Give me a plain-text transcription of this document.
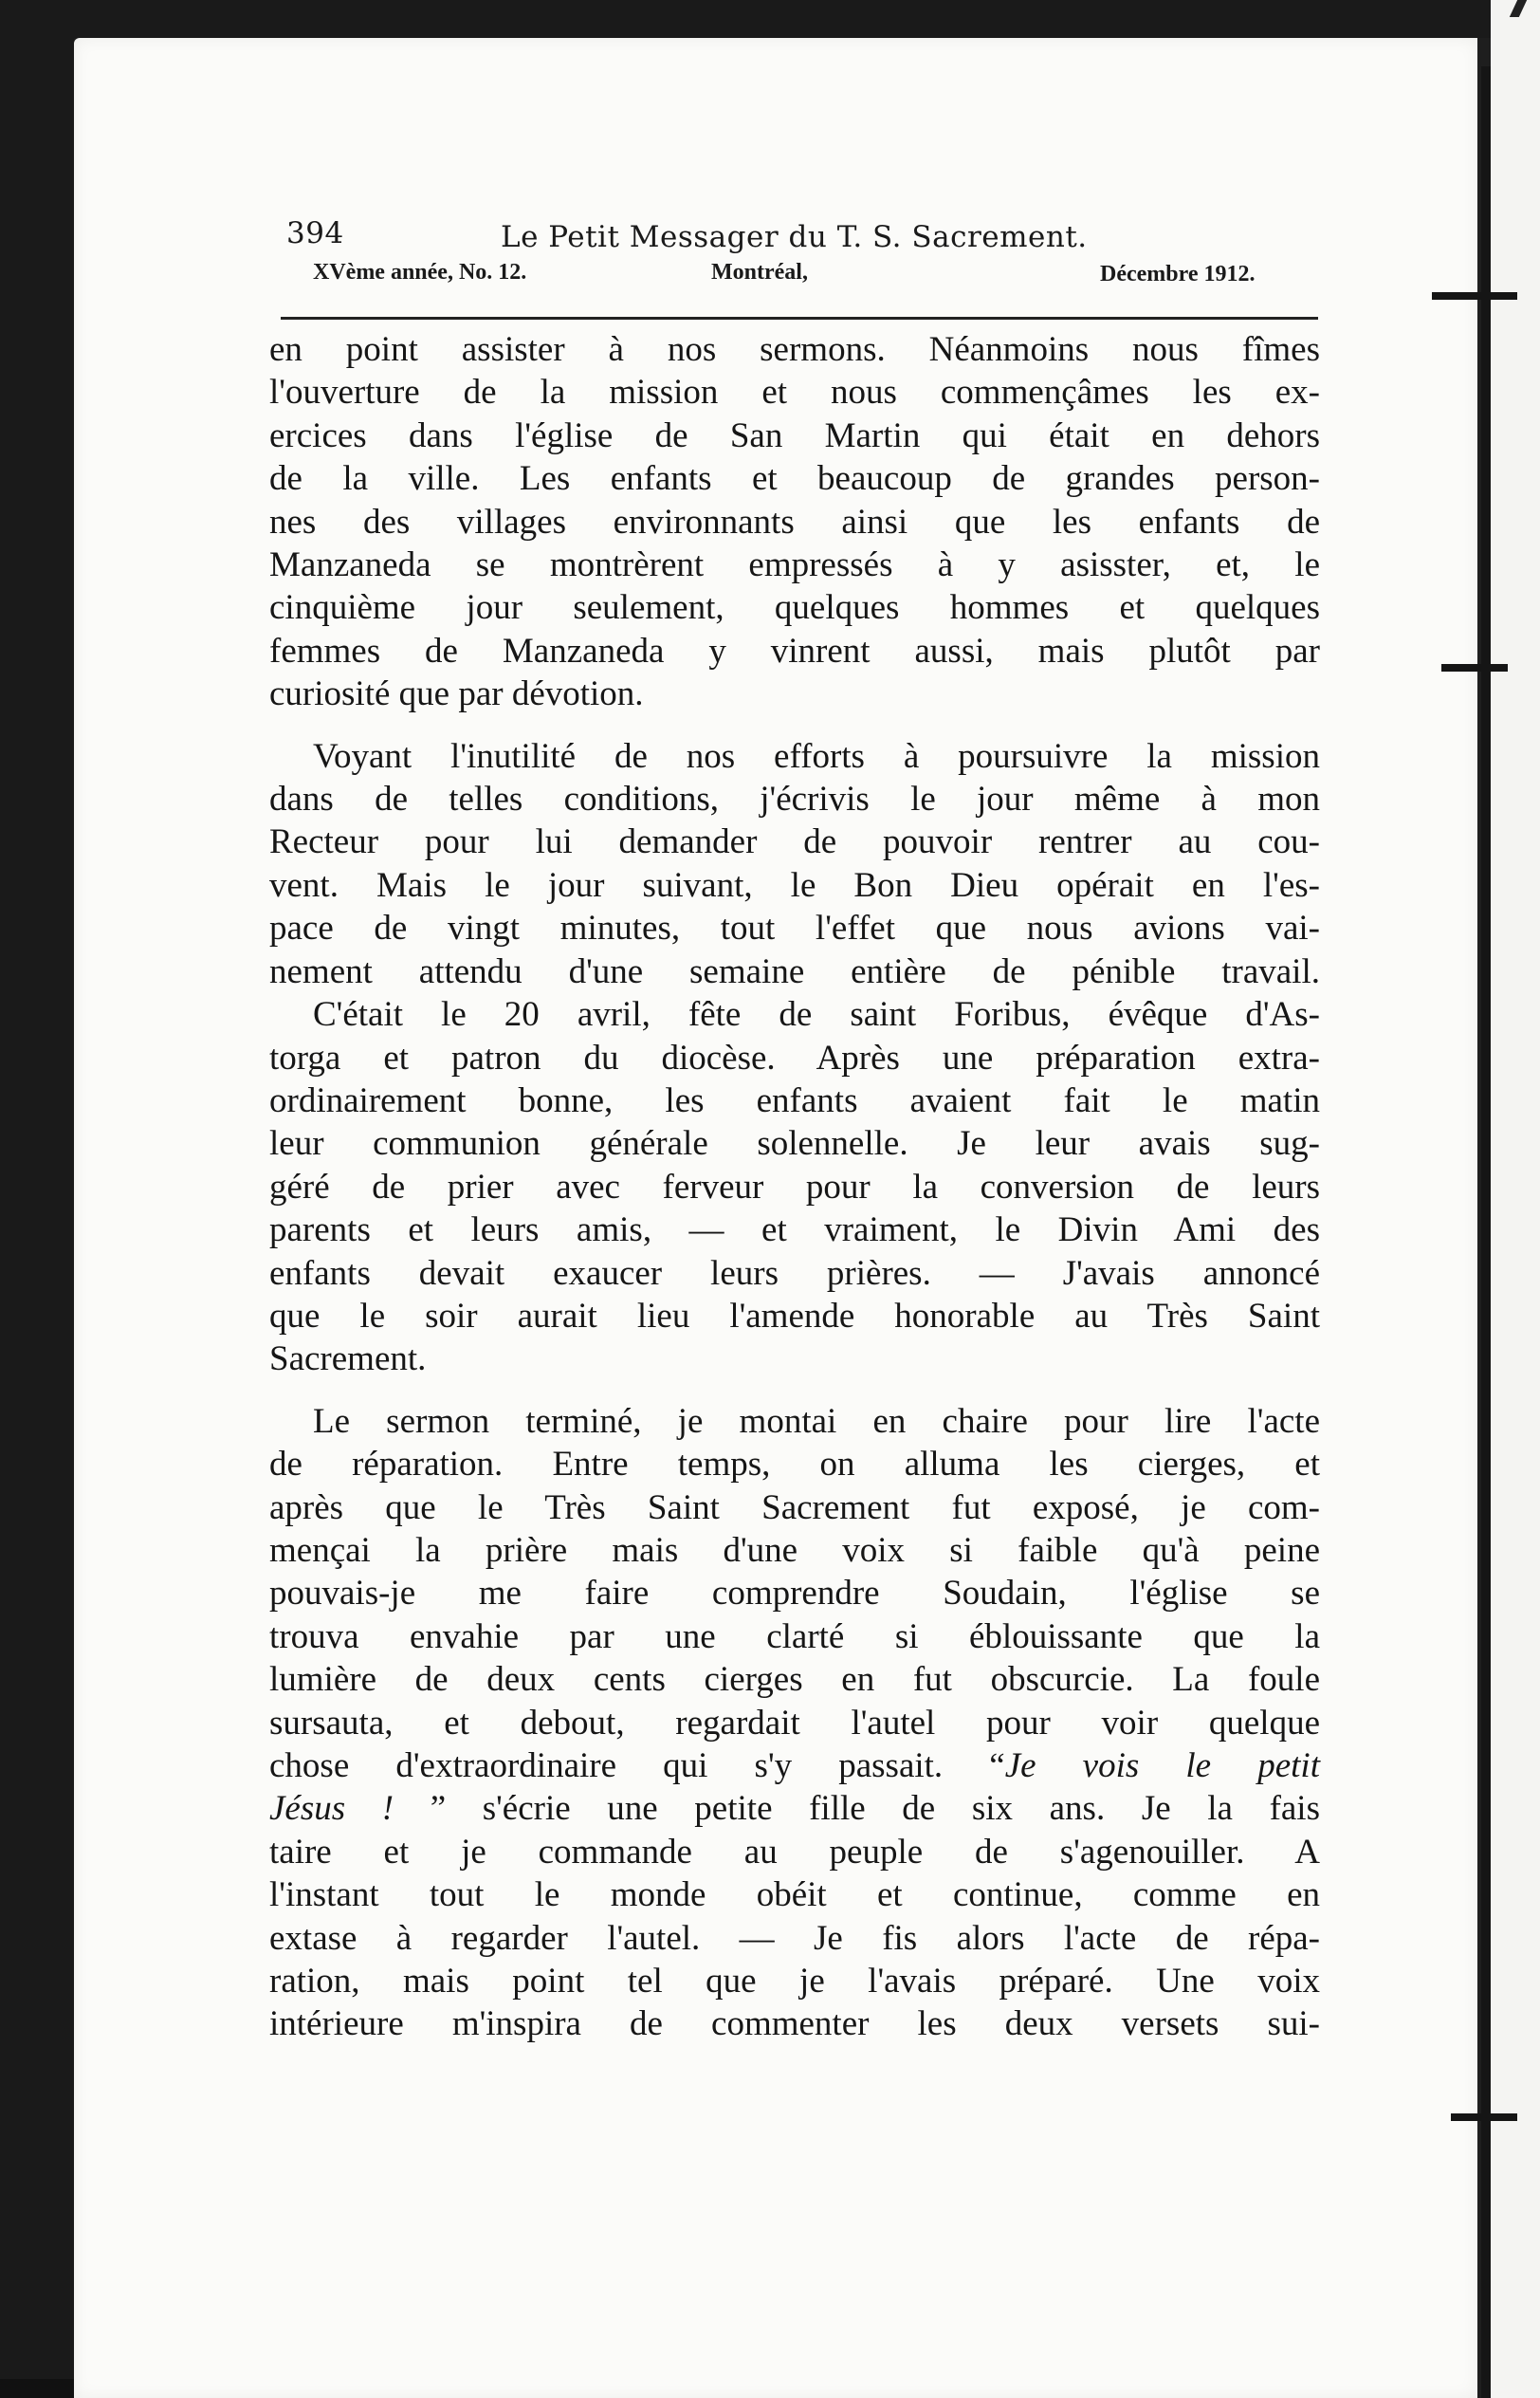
394	Le Petit Messager du T. S. Sacrement.
XVème année, No. 12.	Montréal,	Décembre 1912.
en point assister à nos sermons. Néanmoins nous fîmes
l'ouverture de la mission et nous commençâmes les ex-
ercices dans l'église de San Martin qui était en dehors
de la ville. Les enfants et beaucoup de grandes person-
nes des villages environnants ainsi que les enfants de
Manzaneda se montrèrent empressés à y asisster, et, le
cinquième jour seulement, quelques hommes et quelques
femmes de Manzaneda y vinrent aussi, mais plutôt par
curiosité que par dévotion.
Voyant l'inutilité de nos efforts à poursuivre la mission
dans de telles conditions, j'écrivis le jour même à mon
Recteur pour lui demander de pouvoir rentrer au cou-
vent. Mais le jour suivant, le Bon Dieu opérait en l'es-
pace de vingt minutes, tout l'effet que nous avions vai-
nement attendu d'une semaine entière de pénible travail.
C'était le 20 avril, fête de saint Foribus, évêque d'As-
torga et patron du diocèse. Après une préparation extra-
ordinairement bonne, les enfants avaient fait le matin
leur communion générale solennelle. Je leur avais sug-
géré de prier avec ferveur pour la conversion de leurs
parents et leurs amis, — et vraiment, le Divin Ami des
enfants devait exaucer leurs prières. — J'avais annoncé
que le soir aurait lieu l'amende honorable au Très Saint
Sacrement.
Le sermon terminé, je montai en chaire pour lire l'acte
de réparation. Entre temps, on alluma les cierges, et
après que le Très Saint Sacrement fut exposé, je com-
mençai la prière mais d'une voix si faible qu'à peine
pouvais-je me faire comprendre Soudain, l'église se
trouva envahie par une clarté si éblouissante que la
lumière de deux cents cierges en fut obscurcie. La foule
sursauta, et debout, regardait l'autel pour voir quelque
chose d'extraordinaire qui s'y passait. “Je vois le petit
Jésus ! ” s'écrie une petite fille de six ans. Je la fais
taire et je commande au peuple de s'agenouiller. A
l'instant tout le monde obéit et continue, comme en
extase à regarder l'autel. — Je fis alors l'acte de répa-
ration, mais point tel que je l'avais préparé. Une voix
intérieure m'inspira de commenter les deux versets sui-
